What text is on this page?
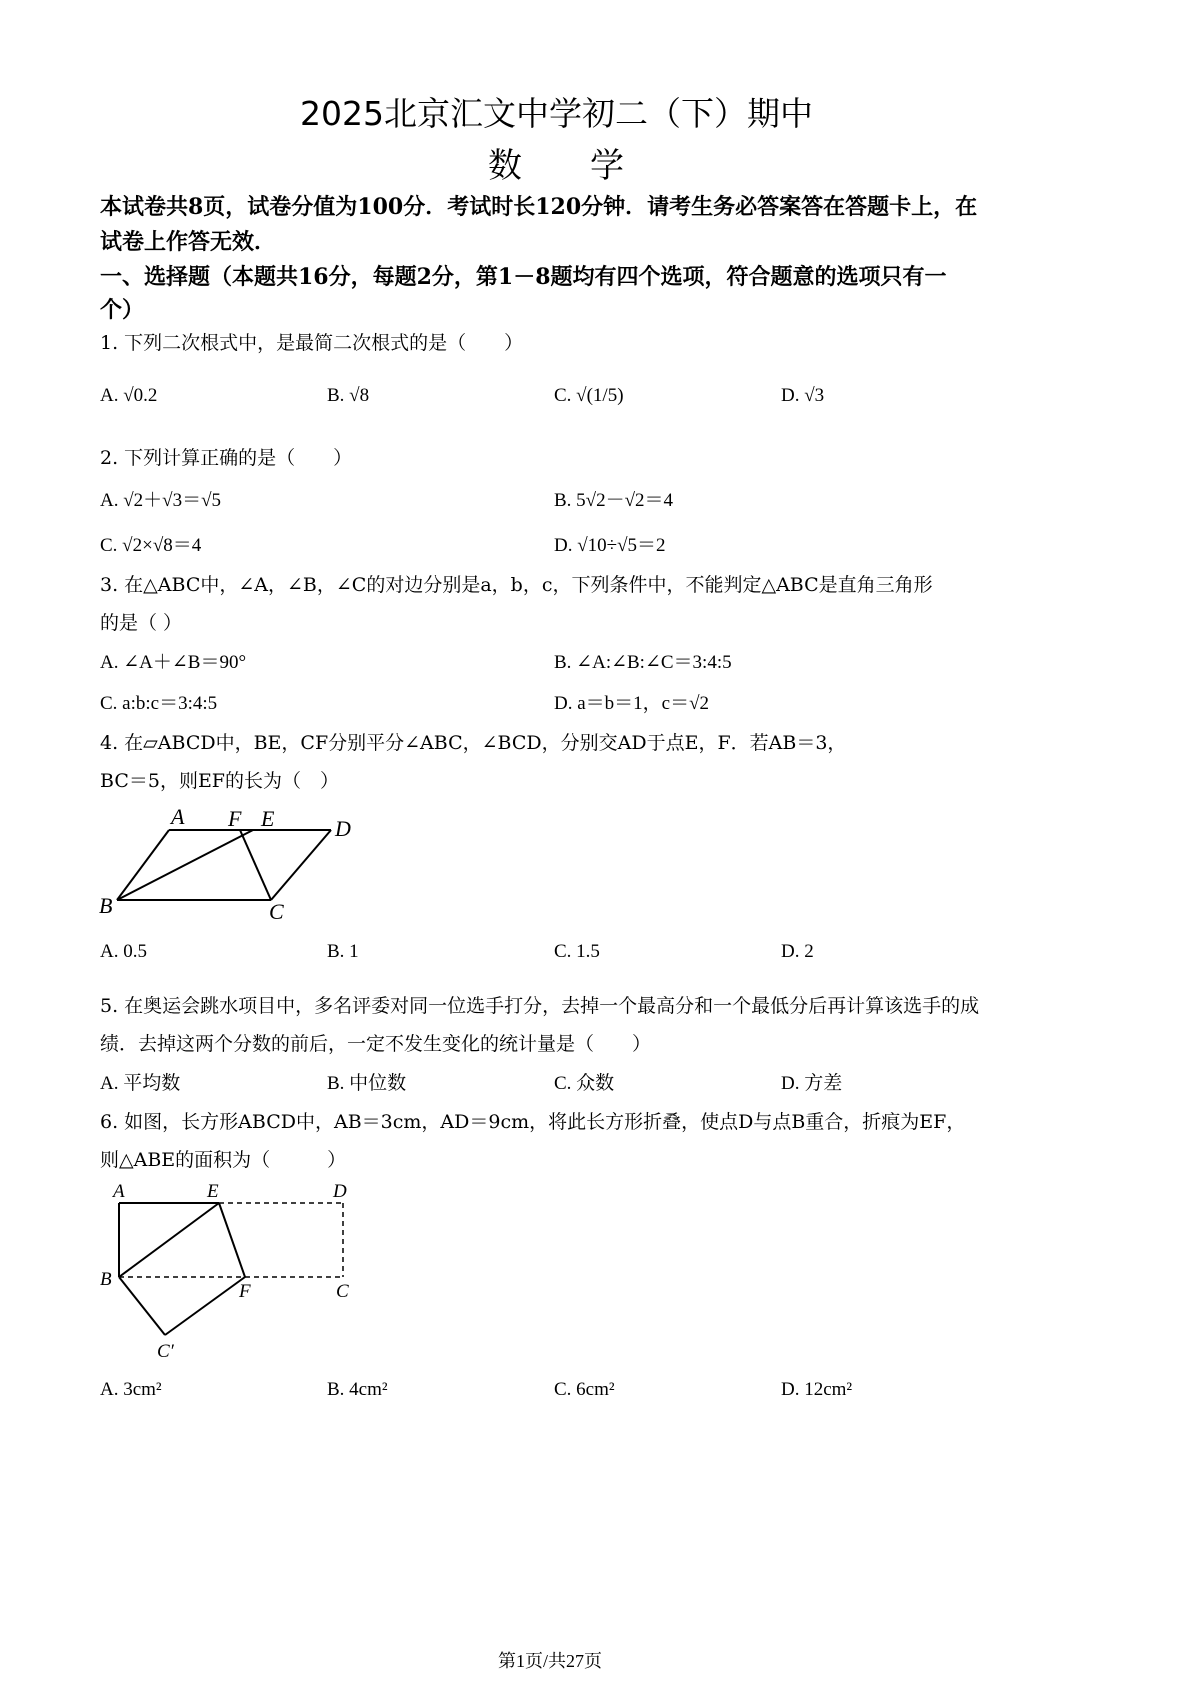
2025北京汇文中学初二（下）期中
数　　学
本试卷共8页，试卷分值为100分．考试时长120分钟．请考生务必答案答在答题卡上，在
试卷上作答无效．
一、选择题（本题共16分，每题2分，第1－8题均有四个选项，符合题意的选项只有一
个）
1. 下列二次根式中，是最简二次根式的是（　　）
A. √0.2	B. √8	C. √(1/5)	D. √3
2. 下列计算正确的是（　　）
A. √2＋√3＝√5	B. 5√2－√2＝4
C. √2×√8＝4	D. √10÷√5＝2
3. 在△ABC中，∠A，∠B，∠C的对边分别是a，b，c，下列条件中，不能判定△ABC是直角三角形
的是（ ）
A. ∠A＋∠B＝90°	B. ∠A:∠B:∠C＝3:4:5
C. a:b:c＝3:4:5	D. a＝b＝1，c＝√2
4. 在▱ABCD中，BE，CF分别平分∠ABC，∠BCD，分别交AD于点E，F．若AB＝3，
BC＝5，则EF的长为（　）
A F E	D
B	C
A. 0.5	B. 1	C. 1.5	D. 2
5. 在奥运会跳水项目中，多名评委对同一位选手打分，去掉一个最高分和一个最低分后再计算该选手的成
绩．去掉这两个分数的前后，一定不发生变化的统计量是（　　）
A. 平均数	B. 中位数	C. 众数	D. 方差
6. 如图，长方形ABCD中，AB＝3cm，AD＝9cm，将此长方形折叠，使点D与点B重合，折痕为EF，
则△ABE的面积为（　　　）
A	E	D
B
F	C
C′
A. 3cm²	B. 4cm²	C. 6cm²	D. 12cm²
第1页/共27页
